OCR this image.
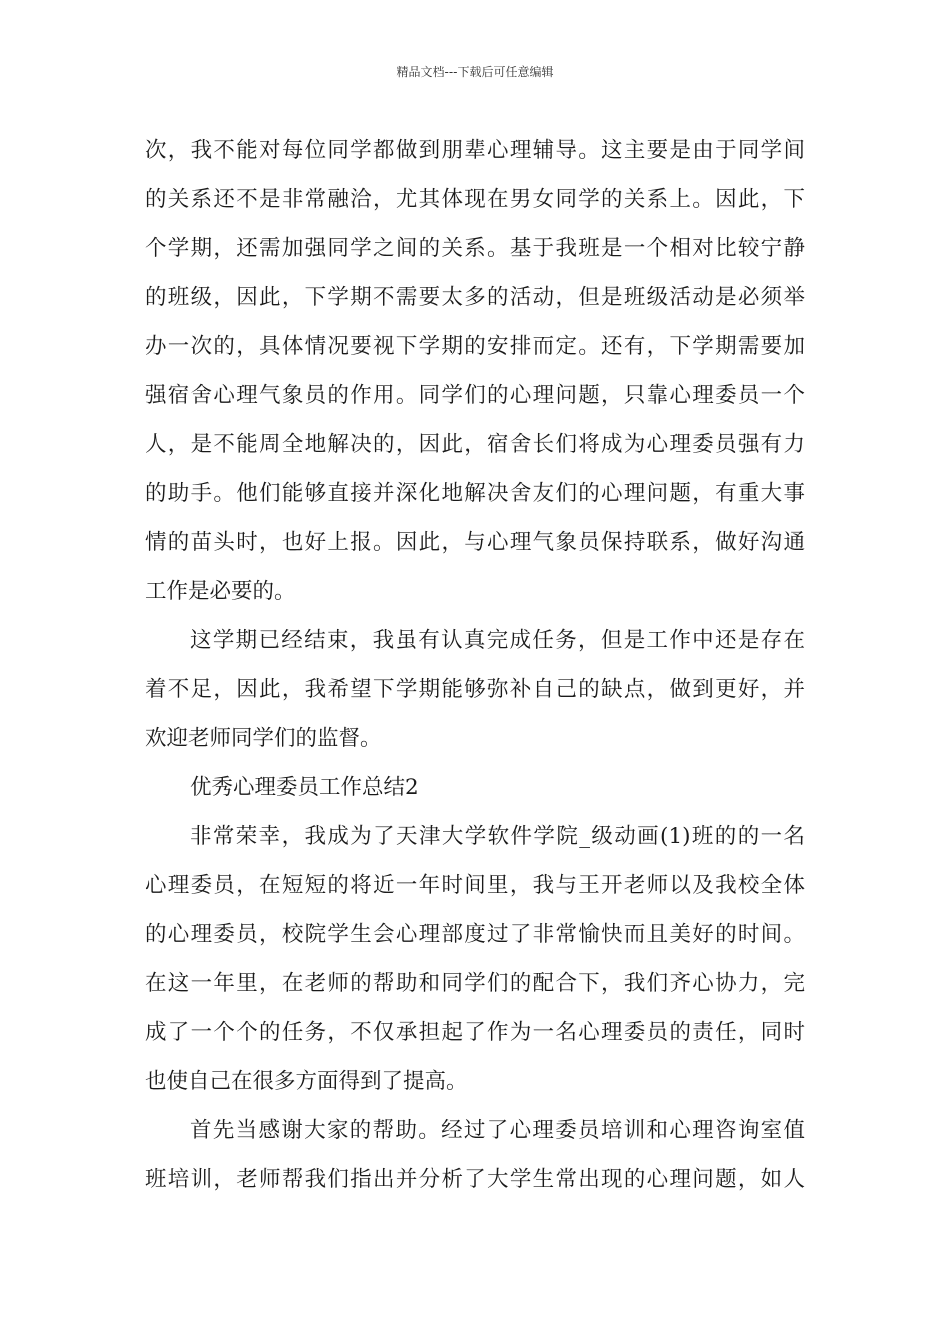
精品文档---下载后可任意编辑
次，我不能对每位同学都做到朋辈心理辅导。这主要是由于同学间
的关系还不是非常融洽，尤其体现在男女同学的关系上。因此，下
个学期，还需加强同学之间的关系。基于我班是一个相对比较宁静
的班级，因此，下学期不需要太多的活动，但是班级活动是必须举
办一次的，具体情况要视下学期的安排而定。还有，下学期需要加
强宿舍心理气象员的作用。同学们的心理问题，只靠心理委员一个
人，是不能周全地解决的，因此，宿舍长们将成为心理委员强有力
的助手。他们能够直接并深化地解决舍友们的心理问题，有重大事
情的苗头时，也好上报。因此，与心理气象员保持联系，做好沟通
工作是必要的。
这学期已经结束，我虽有认真完成任务，但是工作中还是存在
着不足，因此，我希望下学期能够弥补自己的缺点，做到更好，并
欢迎老师同学们的监督。
优秀心理委员工作总结2
非常荣幸，我成为了天津大学软件学院_级动画(1)班的的一名
心理委员，在短短的将近一年时间里，我与王开老师以及我校全体
的心理委员，校院学生会心理部度过了非常愉快而且美好的时间。
在这一年里，在老师的帮助和同学们的配合下，我们齐心协力，完
成了一个个的任务，不仅承担起了作为一名心理委员的责任，同时
也使自己在很多方面得到了提高。
首先当感谢大家的帮助。经过了心理委员培训和心理咨询室值
班培训，老师帮我们指出并分析了大学生常出现的心理问题，如人
